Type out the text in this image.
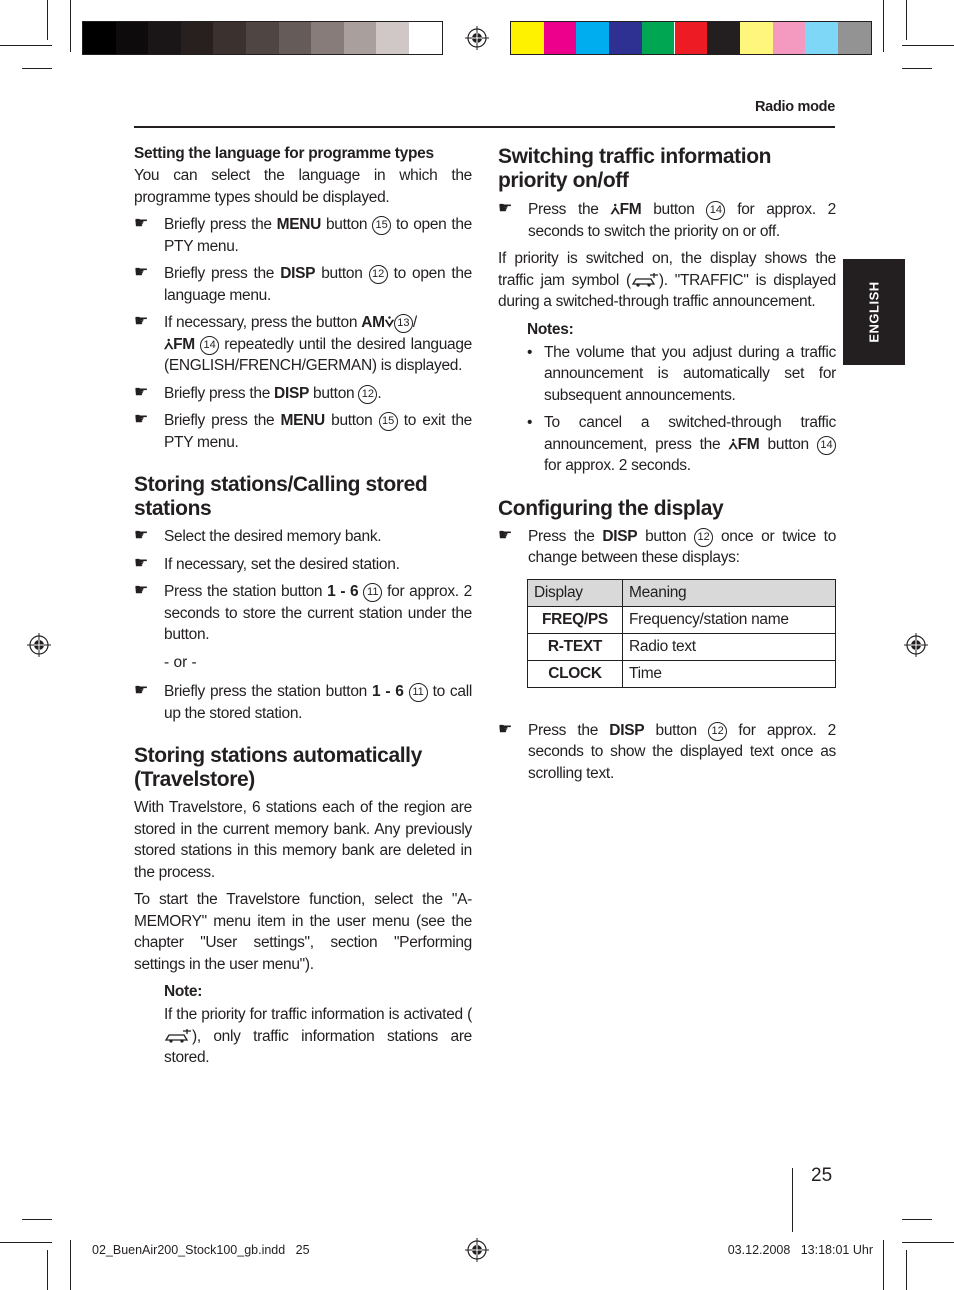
Radio mode
ENGLISH
Setting the language for programme types
You can select the language in which the programme types should be displayed.
☛ Briefly press the MENU button 15 to open the PTY menu.
☛ Briefly press the DISP button 12 to open the language menu.
☛ If necessary, press the button AM⩒ 13 /
⩑FM 14 repeatedly until the desired language (ENGLISH/FRENCH/GERMAN) is displayed.
☛ Briefly press the DISP button 12 .
☛ Briefly press the MENU button 15 to exit the PTY menu.
Storing stations/Calling stored stations
☛ Select the desired memory bank.
☛ If necessary, set the desired station.
☛ Press the station button 1 - 6 11 for approx. 2 seconds to store the current station under the button.
- or -
☛ Briefly press the station button 1 - 6 11 to call up the stored station.
Storing stations automatically (Travelstore)
With Travelstore, 6 stations each of the region are stored in the current memory bank. Any previously stored stations in this memory bank are deleted in the process.
To start the Travelstore function, select the "A-MEMORY" menu item in the user menu (see the chapter "User settings", section "Performing settings in the user menu").
Note:
If the priority for traffic information is activated (), only traffic information stations are stored.
Switching traffic information priority on/off
☛ Press the ⩑FM button 14 for approx. 2 seconds to switch the priority on or off.
If priority is switched on, the display shows the traffic jam symbol ( ). "TRAFFIC" is displayed during a switched-through traffic announcement.
Notes:
• The volume that you adjust during a traffic announcement is automatically set for subsequent announcements.
• To cancel a switched-through traffic announcement, press the ⩑FM button 14 for approx. 2 seconds.
Configuring the display
☛ Press the DISP button 12 once or twice to change between these displays:
Display	Meaning
FREQ/PS	Frequency/station name
R-TEXT	Radio text
CLOCK	Time
☛ Press the DISP button 12 for approx. 2 seconds to show the displayed text once as scrolling text.
25
02_BuenAir200_Stock100_gb.indd   25	03.12.2008   13:18:01 Uhr
